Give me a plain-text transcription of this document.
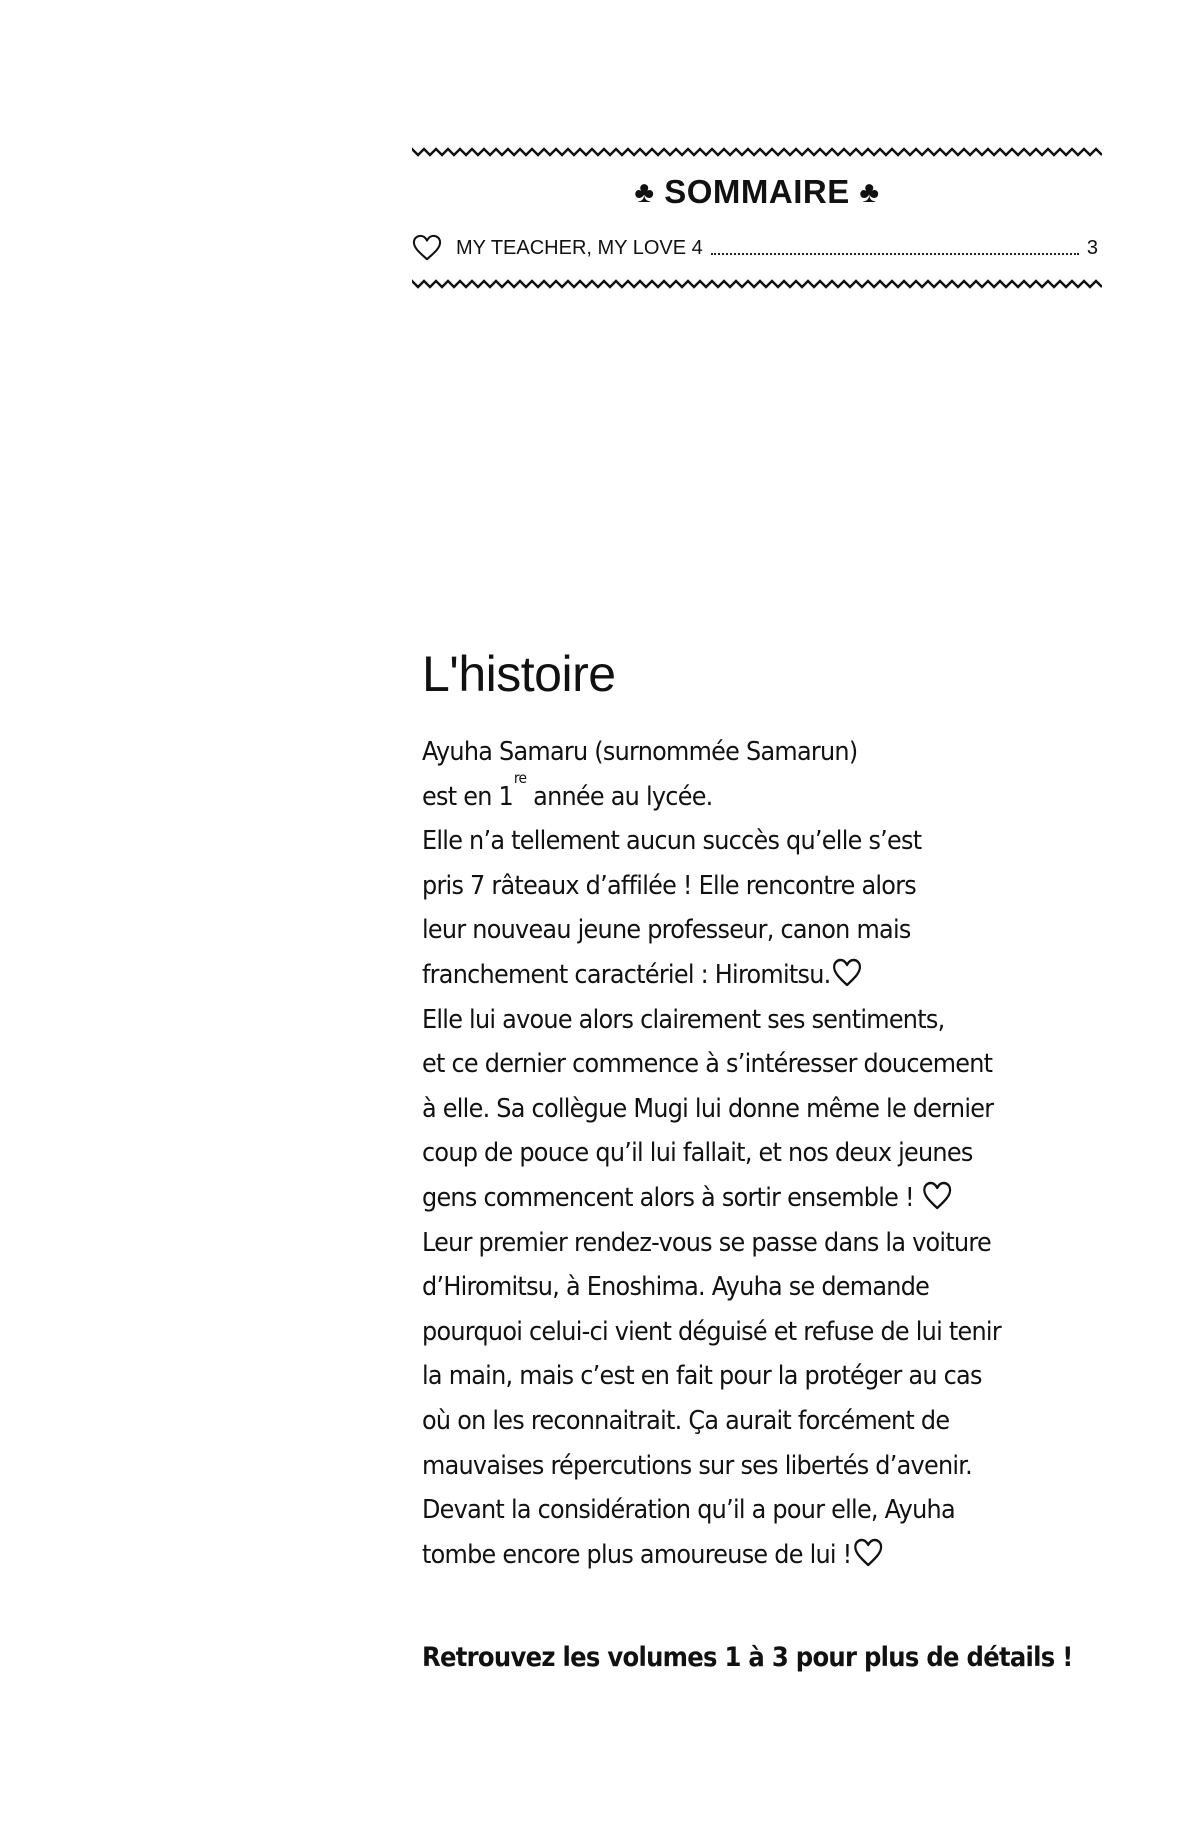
♣ SOMMAIRE ♣
MY TEACHER, MY LOVE 4	3
L'histoire
Ayuha Samaru (surnommée Samarun)
est en 1re année au lycée.
Elle n’a tellement aucun succès qu’elle s’est
pris 7 râteaux d’affilée ! Elle rencontre alors
leur nouveau jeune professeur, canon mais
franchement caractériel : Hiromitsu.
Elle lui avoue alors clairement ses sentiments,
et ce dernier commence à s’intéresser doucement
à elle. Sa collègue Mugi lui donne même le dernier
coup de pouce qu’il lui fallait, et nos deux jeunes
gens commencent alors à sortir ensemble !
Leur premier rendez-vous se passe dans la voiture
d’Hiromitsu, à Enoshima. Ayuha se demande
pourquoi celui-ci vient déguisé et refuse de lui tenir
la main, mais c’est en fait pour la protéger au cas
où on les reconnaitrait. Ça aurait forcément de
mauvaises répercutions sur ses libertés d’avenir.
Devant la considération qu’il a pour elle, Ayuha
tombe encore plus amoureuse de lui !
Retrouvez les volumes 1 à 3 pour plus de détails !
